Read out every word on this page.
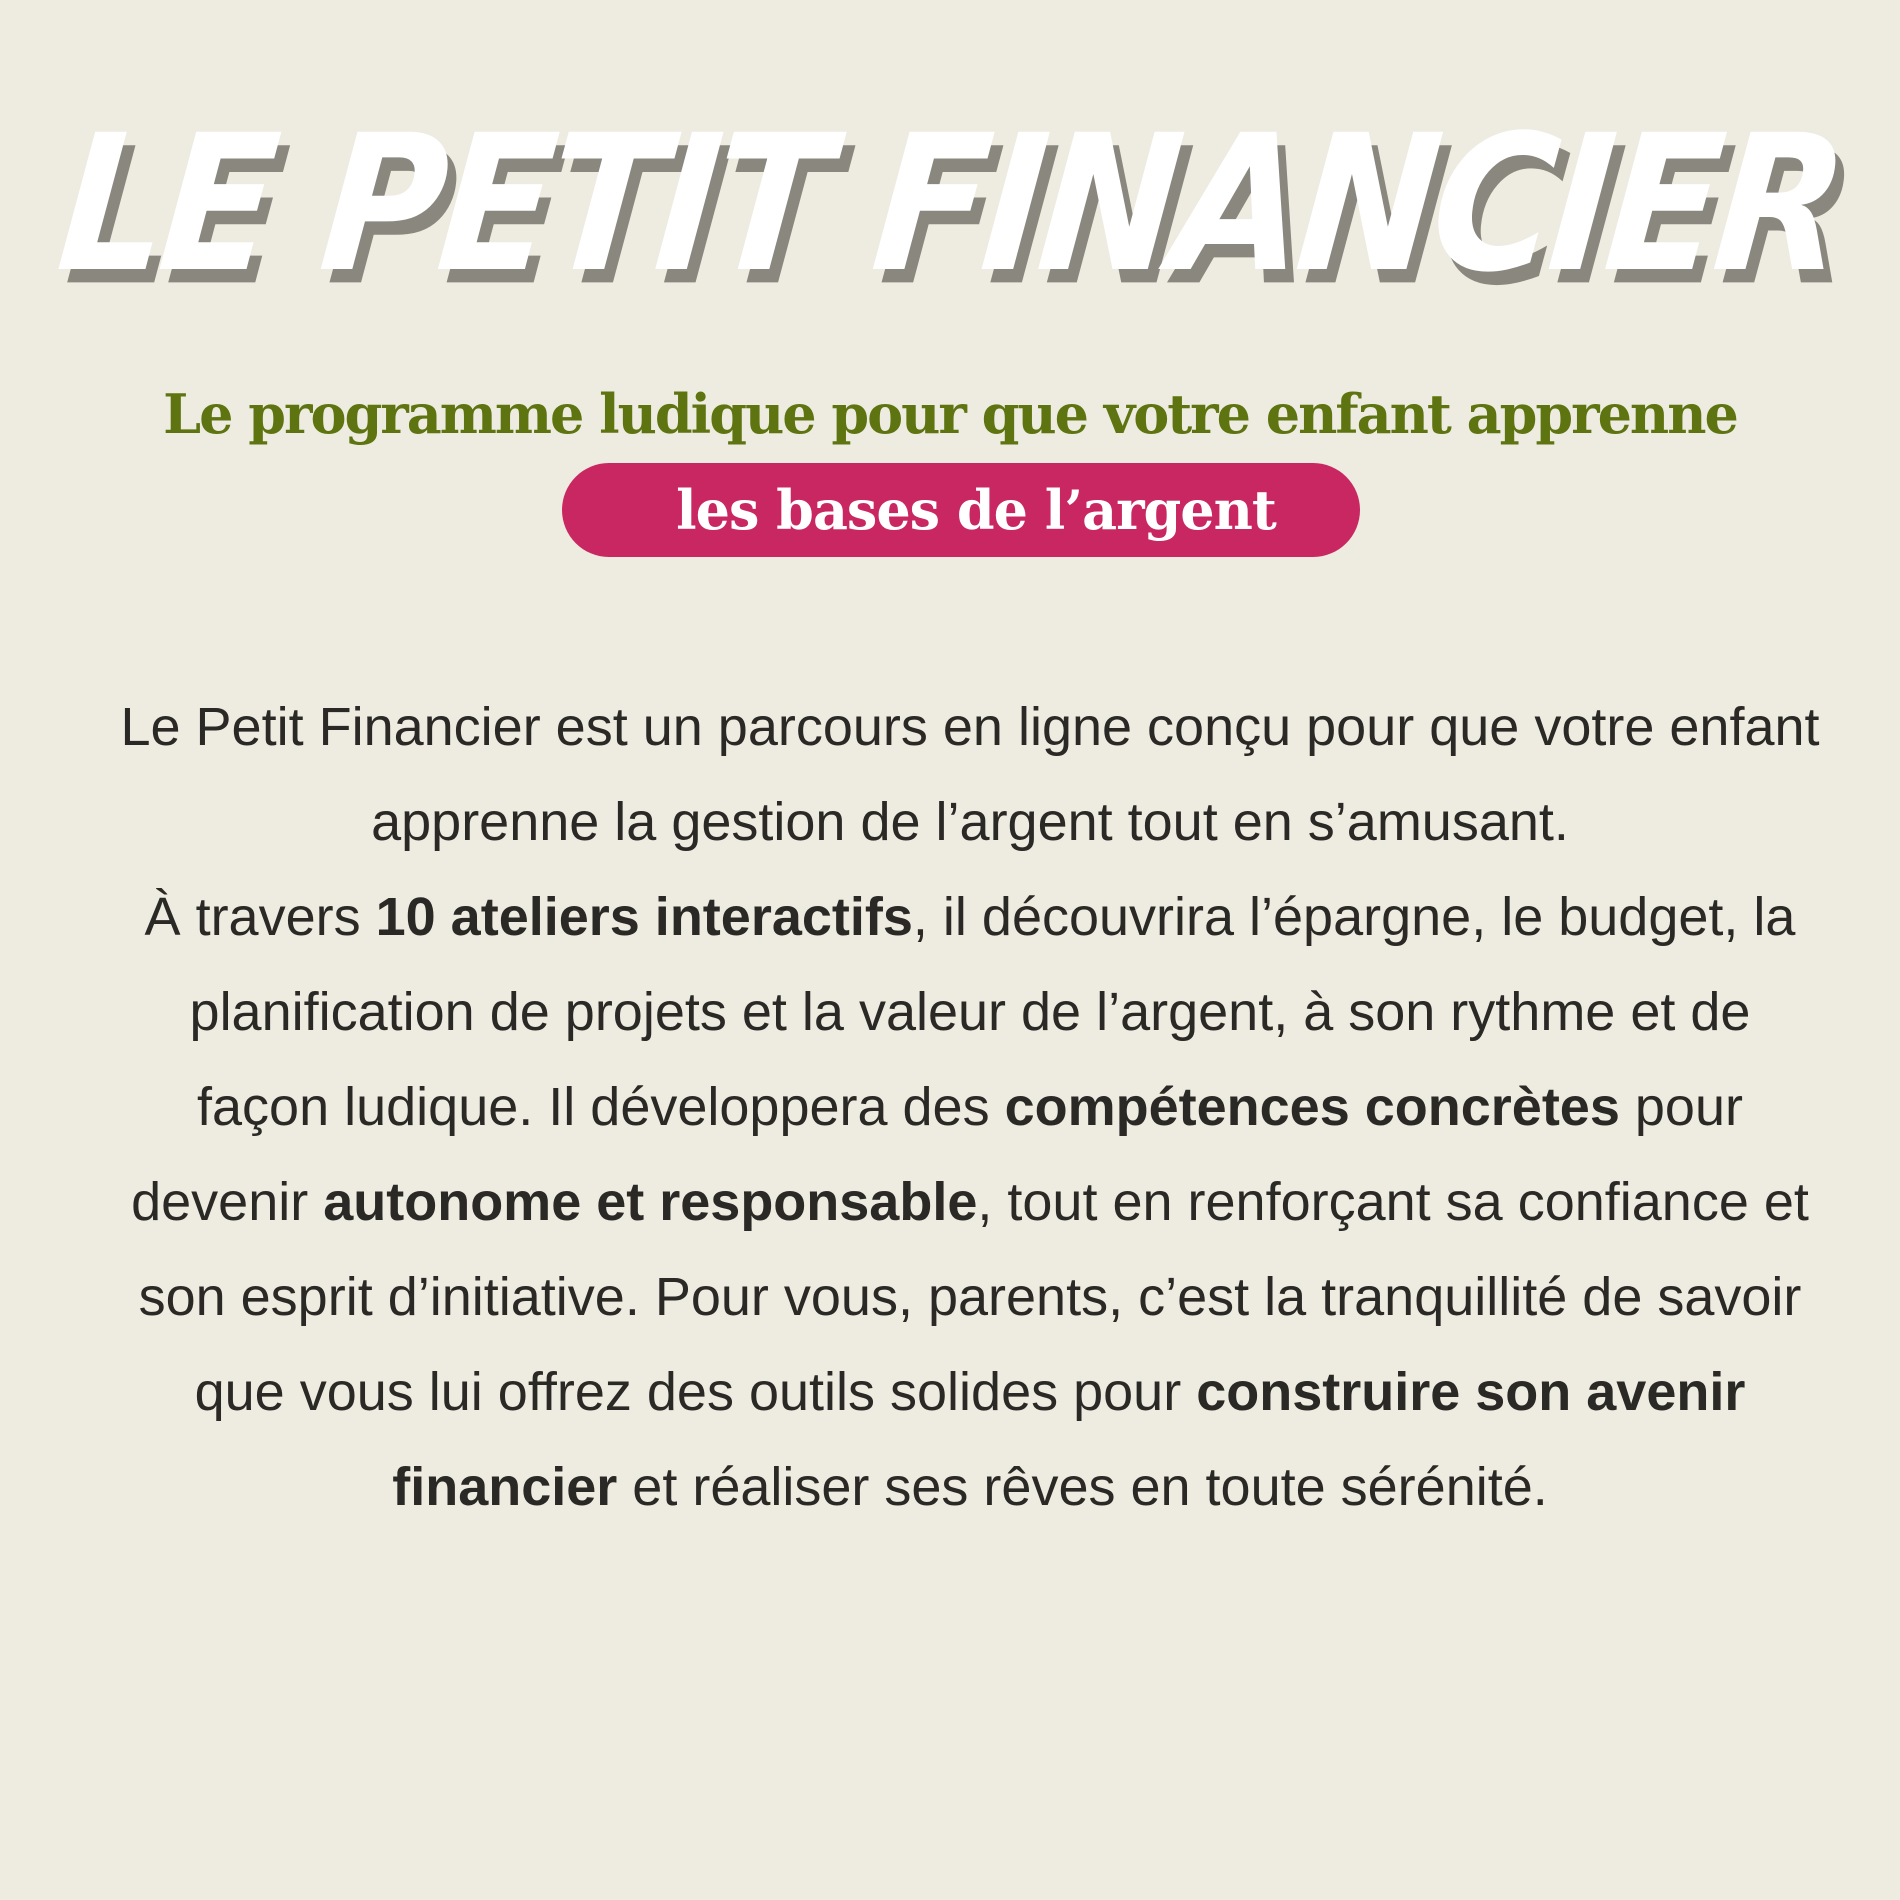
LE PETIT FINANCIER
Le programme ludique pour que votre enfant apprenne
les bases de l’argent

Le Petit Financier est un parcours en ligne conçu pour que votre enfant apprenne la gestion de l’argent tout en s’amusant.

À travers 10 ateliers interactifs, il découvrira l’épargne, le budget, la planification de projets et la valeur de l’argent, à son rythme et de façon ludique. Il développera des compétences concrètes pour devenir autonome et responsable, tout en renforçant sa confiance et son esprit d’initiative. Pour vous, parents, c’est la tranquillité de savoir que vous lui offrez des outils solides pour construire son avenir financier et réaliser ses rêves en toute sérénité.
